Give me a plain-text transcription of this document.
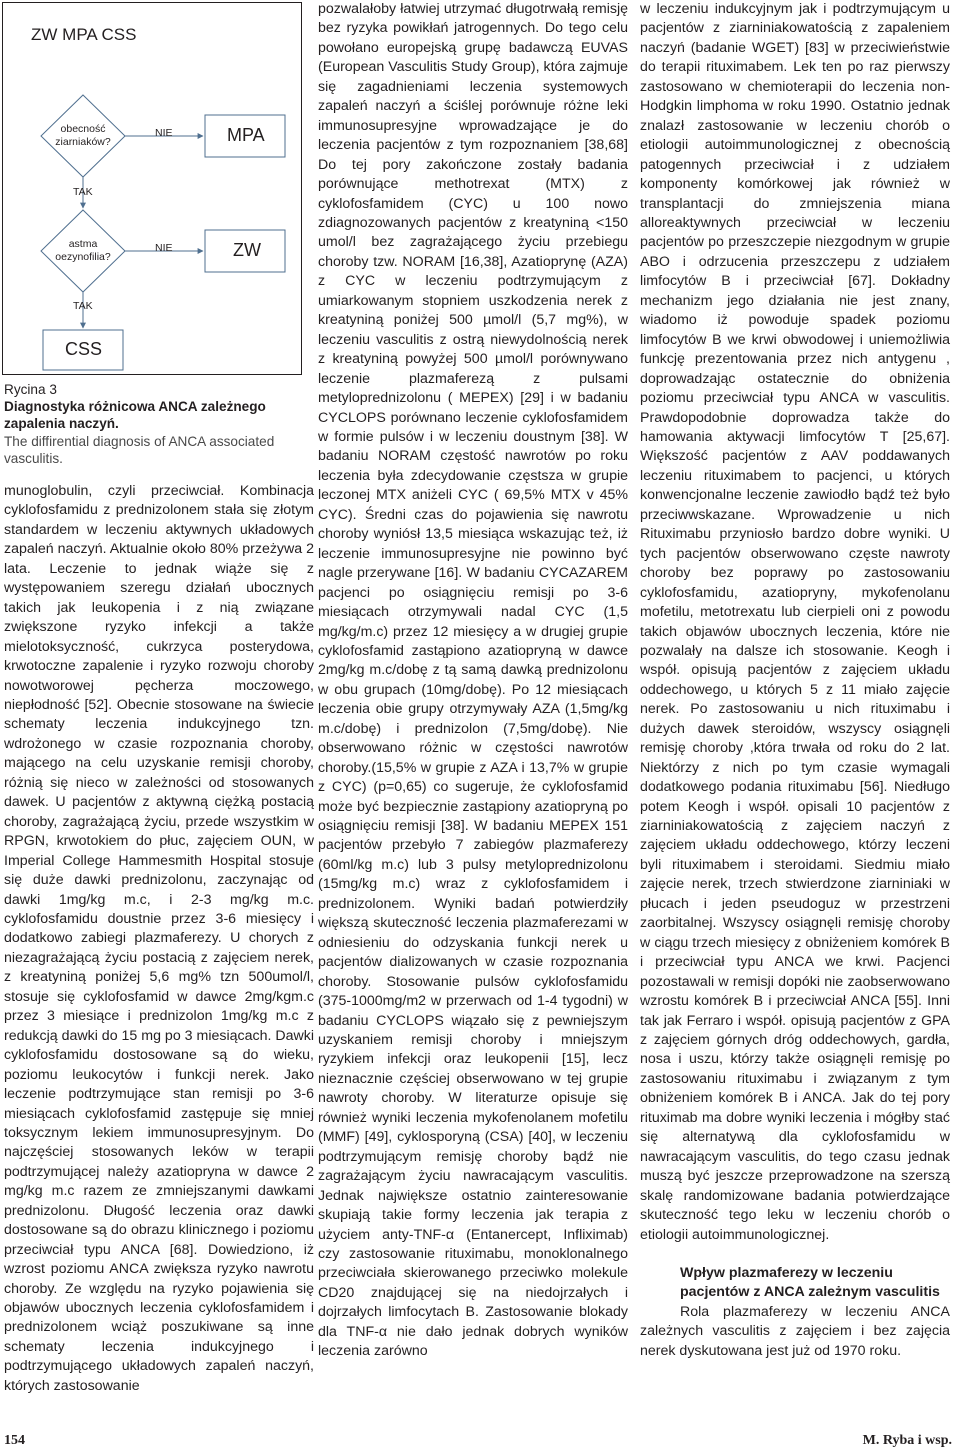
ZW MPA CSS
obecność
ziarniaków?
astma
oezynofilia?
NIE
NIE
TAK
TAK
MPA
ZW
CSS
Rycina 3
Diagnostyka różnicowa ANCA zależnego zapalenia naczyń.
The diffirential diagnosis of ANCA associated vasculitis.

munoglobulin, czyli przeciwciał. Kombinacja cyklofosfamidu z prednizolonem stała się złotym standardem w leczeniu aktywnych układowych zapaleń naczyń. Aktualnie około 80% przeżywa 2 lata. Leczenie to jednak wiąże się z występowaniem szeregu działań ubocznych takich jak leukopenia i z nią związane zwiększone ryzyko infekcji a także mielotoksyczność, cukrzyca posterydowa, krwotoczne zapalenie i ryzyko rozwoju choroby nowotworowej pęcherza moczowego, niepłodność [52]. Obecnie stosowane na świecie schematy leczenia indukcyjnego tzn. wdrożonego w czasie rozpoznania choroby, mającego na celu uzyskanie remisji choroby, różnią się nieco w zależności od stosowanych dawek. U pacjentów z aktywną ciężką postacią choroby, zagrażającą życiu, przede wszystkim w RPGN, krwotokiem do płuc, zajęciem OUN, w Imperial College Hammesmith Hospital stosuje się duże dawki prednizolonu, zaczynając od dawki 1mg/kg m.c, i 2-3 mg/kg m.c. cyklofosfamidu doustnie przez 3-6 miesięcy i dodatkowo zabiegi plazmaferezy. U chorych z niezagrażającą życiu postacią z zajęciem nerek, z kreatyniną poniżej 5,6 mg% tzn 500umol/l, stosuje się cyklofosfamid w dawce 2mg/kgm.c przez 3 miesiące i prednizolon 1mg/kg m.c z redukcją dawki do 15 mg po 3 miesiącach. Dawki cyklofosfamidu dostosowane są do wieku, poziomu leukocytów i funkcji nerek. Jako leczenie podtrzymujące stan remisji po 3-6 miesiącach cyklofosfamid zastępuje się mniej toksycznym lekiem immunosupresyjnym. Do najczęściej stosowanych leków w terapii podtrzymującej należy azatiopryna w dawce 2 mg/kg m.c razem ze zmniejszanymi dawkami prednizolonu. Długość leczenia oraz dawki dostosowane są do obrazu klinicznego i poziomu przeciwciał typu ANCA [68]. Dowiedziono, iż wzrost poziomu ANCA zwiększa ryzyko nawrotu choroby. Ze względu na ryzyko pojawienia się objawów ubocznych leczenia cyklofosfamidem i prednizolonem wciąż poszukiwane są inne schematy leczenia indukcyjnego i podtrzymującego układowych zapaleń naczyń, których zastosowanie

pozwalałoby łatwiej utrzymać długotrwałą remisję bez ryzyka powikłań jatrogennych. Do tego celu powołano europejską grupę badawczą EUVAS (European Vasculitis Study Group), która zajmuje się zagadnieniami leczenia systemowych zapaleń naczyń a ściślej porównuje różne leki immunosupresyjne wprowadzające je do leczenia pacjentów z tym rozpoznaniem [38,68] Do tej pory zakończone zostały badania porównujące methotrexat (MTX) z cyklofosfamidem (CYC) u 100 nowo zdiagnozowanych pacjentów z kreatyniną <150 umol/l bez zagrażającego życiu przebiegu choroby tzw. NORAM [16,38], Azatioprynę (AZA) z CYC w leczeniu podtrzymującym z umiarkowanym stopniem uszkodzenia nerek z kreatyniną poniżej 500 µmol/l (5,7 mg%), w leczeniu vasculitis z ostrą niewydolnością nerek z kreatyniną powyżej 500 µmol/l porównywano leczenie plazmaferezą z pulsami metyloprednizolonu ( MEPEX) [29] i w badaniu CYCLOPS porównano leczenie cyklofosfamidem w formie pulsów i w leczeniu doustnym [38]. W badaniu NORAM częstość nawrotów po roku leczenia była zdecydowanie częstsza w grupie leczonej MTX aniżeli CYC ( 69,5% MTX v 45% CYC). Średni czas do pojawienia się nawrotu choroby wyniósł 13,5 miesiąca wskazując też, iż leczenie immunosupresyjne nie powinno być nagle przerywane [16]. W badaniu CYCAZAREM pacjenci po osiągnięciu remisji po 3-6 miesiącach otrzymywali nadal CYC (1,5 mg/kg/m.c) przez 12 miesięcy a w drugiej grupie cyklofosfamid zastąpiono azatiopryną w dawce 2mg/kg m.c/dobę z tą samą dawką prednizolonu w obu grupach (10mg/dobę). Po 12 miesiącach leczenia obie grupy otrzymywały AZA (1,5mg/kg m.c/dobę) i prednizolon (7,5mg/dobę). Nie obserwowano różnic w częstości nawrotów choroby.(15,5% w grupie z AZA i 13,7% w grupie z CYC) (p=0,65) co sugeruje, że cyklofosfamid może być bezpiecznie zastąpiony azatiopryną po osiągnięciu remisji [38]. W badaniu MEPEX 151 pacjentów przebyło 7 zabiegów plazmaferezy (60ml/kg m.c) lub 3 pulsy metyloprednizolonu (15mg/kg m.c) wraz z cyklofosfamidem i prednizolonem. Wyniki badań potwierdziły większą skuteczność leczenia plazmaferezami w odniesieniu do odzyskania funkcji nerek u pacjentów dializowanych w czasie rozpoznania choroby. Stosowanie pulsów cyklofosfamidu (375-1000mg/m2 w przerwach od 1-4 tygodni) w badaniu CYCLOPS wiązało się z pewniejszym uzyskaniem remisji choroby i mniejszym ryzykiem infekcji oraz leukopenii [15], lecz nieznacznie częściej obserwowano w tej grupie nawroty choroby. W literaturze opisuje się również wyniki leczenia mykofenolanem mofetilu (MMF) [49], cyklosporyną (CSA) [40], w leczeniu podtrzymującym remisję choroby bądź nie zagrażającym życiu nawracającym vasculitis. Jednak największe ostatnio zainteresowanie skupiają takie formy leczenia jak terapia z użyciem anty-TNF-α (Entanercept, Infliximab) czy zastosowanie rituximabu, monoklonalnego przeciwciała skierowanego przeciwko molekule CD20 znajdującej się na niedojrzałych i dojrzałych limfocytach B. Zastosowanie blokady dla TNF-α nie dało jednak dobrych wyników leczenia zarówno

w leczeniu indukcyjnym jak i podtrzymującym u pacjentów z ziarniniakowatością z zapaleniem naczyń (badanie WGET) [83] w przeciwieństwie do terapii rituximabem. Lek ten po raz pierwszy zastosowano w chemioterapii do leczenia non-Hodgkin limphoma w roku 1990. Ostatnio jednak znalazł zastosowanie w leczeniu chorób o etiologii autoimmunologicznej z obecnością patogennych przeciwciał i z udziałem komponenty komórkowej jak również w transplantacji do zmniejszenia miana alloreaktywnych przeciwciał w leczeniu pacjentów po przeszczepie niezgodnym w grupie ABO i odrzucenia przeszczepu z udziałem limfocytów B i przeciwciał [67]. Dokładny mechanizm jego działania nie jest znany, wiadomo iż powoduje spadek poziomu limfocytów B we krwi obwodowej i uniemożliwia funkcję prezentowania przez nich antygenu , doprowadzając ostatecznie do obniżenia poziomu przeciwciał typu ANCA w vasculitis. Prawdopodobnie doprowadza także do hamowania aktywacji limfocytów T [25,67]. Większość pacjentów z AAV poddawanych leczeniu rituximabem to pacjenci, u których konwencjonalne leczenie zawiodło bądź też było przeciwwskazane. Wprowadzenie u nich Rituximabu przyniosło bardzo dobre wyniki. U tych pacjentów obserwowano częste nawroty choroby bez poprawy po zastosowaniu cyklofosfamidu, azatiopryny, mykofenolanu mofetilu, metotrexatu lub cierpieli oni z powodu takich objawów ubocznych leczenia, które nie pozwalały na dalsze ich stosowanie. Keogh i współ. opisują pacjentów z zajęciem układu oddechowego, u których 5 z 11 miało zajęcie nerek. Po zastosowaniu u nich rituximabu i dużych dawek steroidów, wszyscy osiągnęli remisję choroby ,która trwała od roku do 2 lat. Niektórzy z nich po tym czasie wymagali dodatkowego podania rituximabu [56]. Niedługo potem Keogh i współ. opisali 10 pacjentów z ziarniniakowatością z zajęciem naczyń z zajęciem układu oddechowego, którzy leczeni byli rituximabem i steroidami. Siedmiu miało zajęcie nerek, trzech stwierdzone ziarniniaki w płucach i jeden pseudoguz w przestrzeni zaorbitalnej. Wszyscy osiągnęli remisję choroby w ciągu trzech miesięcy z obniżeniem komórek B i przeciwciał typu ANCA we krwi. Pacjenci pozostawali w remisji dopóki nie zaobserwowano wzrostu komórek B i przeciwciał ANCA [55]. Inni tak jak Ferraro i współ. opisują pacjentów z GPA z zajęciem górnych dróg oddechowych, gardła, nosa i uszu, którzy także osiągnęli remisję po zastosowaniu rituximabu i związanym z tym obniżeniem komórek B i ANCA. Jak do tej pory rituximab ma dobre wyniki leczenia i mógłby stać się alternatywą dla cyklofosfamidu w nawracającym vasculitis, do tego czasu jednak muszą być jeszcze przeprowadzone na szerszą skalę randomizowane badania potwierdzające skuteczność tego leku w leczeniu chorób o etiologii autoimmunologicznej.

Wpływ plazmaferezy w leczeniu pacjentów z ANCA zależnym vasculitis

Rola plazmaferezy w leczeniu ANCA zależnych vasculitis z zajęciem i bez zajęcia nerek dyskutowana jest już od 1970 roku.

154	M. Ryba i wsp.
